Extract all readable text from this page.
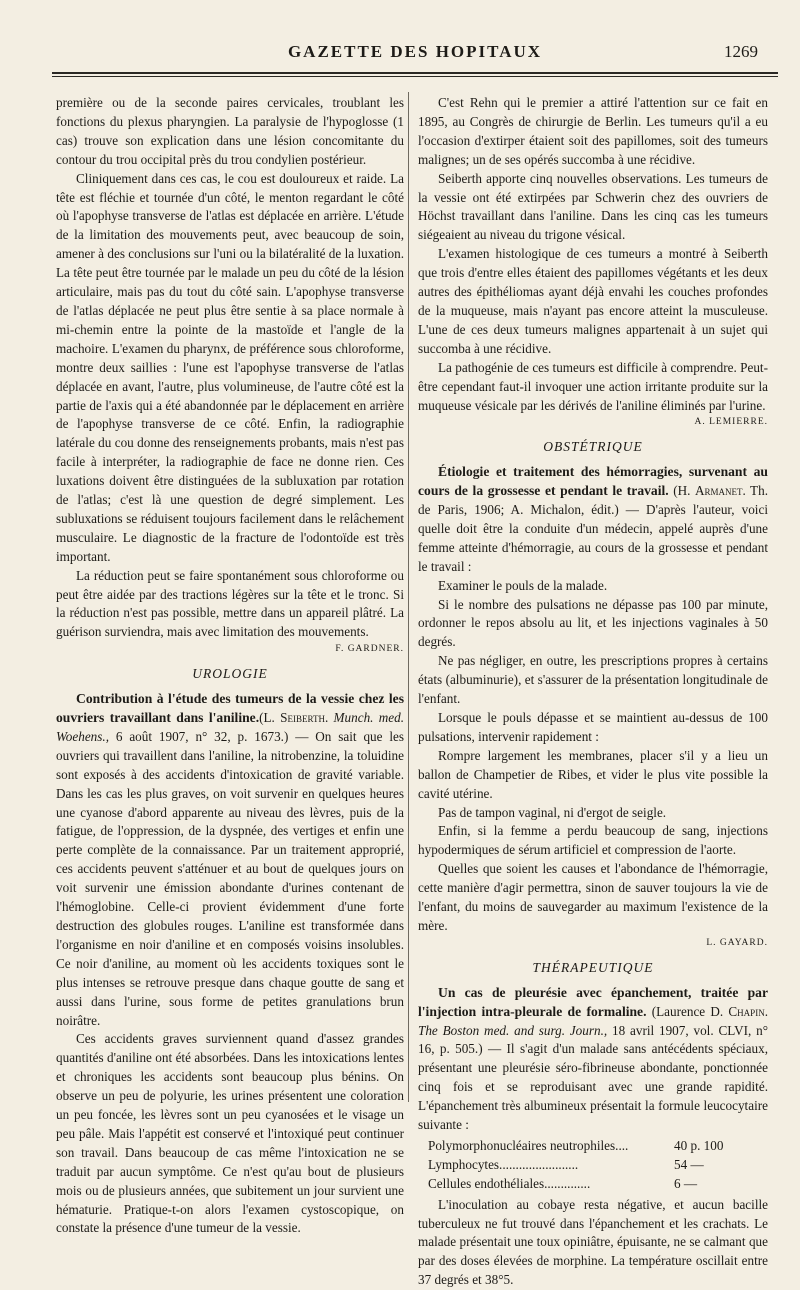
GAZETTE DES HOPITAUX	1269

première ou de la seconde paires cervicales, troublant les fonctions du plexus pharyngien. La paralysie de l'hypoglosse (1 cas) trouve son explication dans une lésion concomitante du contour du trou occipital près du trou condylien postérieur.

Cliniquement dans ces cas, le cou est douloureux et raide. La tête est fléchie et tournée d'un côté, le menton regardant le côté où l'apophyse transverse de l'atlas est déplacée en arrière. L'étude de la limitation des mouvements peut, avec beaucoup de soin, amener à des conclusions sur l'uni ou la bilatéralité de la luxation. La tête peut être tournée par le malade un peu du côté de la lésion articulaire, mais pas du tout du côté sain. L'apophyse transverse de l'atlas déplacée ne peut plus être sentie à sa place normale à mi-chemin entre la pointe de la mastoïde et l'angle de la machoire. L'examen du pharynx, de préférence sous chloroforme, montre deux saillies : l'une est l'apophyse transverse de l'atlas déplacée en avant, l'autre, plus volumineuse, de l'autre côté est la partie de l'axis qui a été abandonnée par le déplacement en arrière de l'apophyse transverse de ce côté. Enfin, la radiographie latérale du cou donne des renseignements probants, mais n'est pas facile à interpréter, la radiographie de face ne donne rien. Ces luxations doivent être distinguées de la subluxation par rotation de l'atlas; c'est là une question de degré simplement. Les subluxations se réduisent toujours facilement dans le relâchement musculaire. Le diagnostic de la fracture de l'odontoïde est très important.

La réduction peut se faire spontanément sous chloroforme ou peut être aidée par des tractions légères sur la tête et le tronc. Si la réduction n'est pas possible, mettre dans un appareil plâtré. La guérison surviendra, mais avec limitation des mouvements.

F. GARDNER.
UROLOGIE

Contribution à l'étude des tumeurs de la vessie chez les ouvriers travaillant dans l'aniline.(L. Seiberth. Munch. med. Woehens., 6 août 1907, n° 32, p. 1673.) — On sait que les ouvriers qui travaillent dans l'aniline, la nitrobenzine, la toluidine sont exposés à des accidents d'intoxication de gravité variable. Dans les cas les plus graves, on voit survenir en quelques heures une cyanose d'abord apparente au niveau des lèvres, puis de la fatigue, de l'oppression, de la dyspnée, des vertiges et enfin une perte complète de la connaissance. Par un traitement approprié, ces accidents peuvent s'atténuer et au bout de quelques jours on voit survenir une émission abondante d'urines contenant de l'hémoglobine. Celle-ci provient évidemment d'une forte destruction des globules rouges. L'aniline est transformée dans l'organisme en noir d'aniline et en composés voisins insolubles. Ce noir d'aniline, au moment où les accidents toxiques sont le plus intenses se retrouve presque dans chaque goutte de sang et aussi dans l'urine, sous forme de petites granulations brun noirâtre.

Ces accidents graves surviennent quand d'assez grandes quantités d'aniline ont été absorbées. Dans les intoxications lentes et chroniques les accidents sont beaucoup plus bénins. On observe un peu de polyurie, les urines présentent une coloration un peu foncée, les lèvres sont un peu cyanosées et le visage un peu pâle. Mais l'appétit est conservé et l'intoxiqué peut continuer son travail. Dans beaucoup de cas même l'intoxication ne se traduit par aucun symptôme. Ce n'est qu'au bout de plusieurs mois ou de plusieurs années, que subitement un jour survient une hématurie. Pratique-t-on alors l'examen cystoscopique, on constate la présence d'une tumeur de la vessie.

C'est Rehn qui le premier a attiré l'attention sur ce fait en 1895, au Congrès de chirurgie de Berlin. Les tumeurs qu'il a eu l'occasion d'extirper étaient soit des papillomes, soit des tumeurs malignes; un de ses opérés succomba à une récidive.

Seiberth apporte cinq nouvelles observations. Les tumeurs de la vessie ont été extirpées par Schwerin chez des ouvriers de Höchst travaillant dans l'aniline. Dans les cinq cas les tumeurs siégeaient au niveau du trigone vésical.

L'examen histologique de ces tumeurs a montré à Seiberth que trois d'entre elles étaient des papillomes végétants et les deux autres des épithéliomas ayant déjà envahi les couches profondes de la muqueuse, mais n'ayant pas encore atteint la musculeuse. L'une de ces deux tumeurs malignes appartenait à un sujet qui succomba à une récidive.

La pathogénie de ces tumeurs est difficile à comprendre. Peut-être cependant faut-il invoquer une action irritante produite sur la muqueuse vésicale par les dérivés de l'aniline éliminés par l'urine.

A. LEMIERRE.
OBSTÉTRIQUE

Étiologie et traitement des hémorragies, survenant au cours de la grossesse et pendant le travail. (H. Armanet. Th. de Paris, 1906; A. Michalon, édit.) — D'après l'auteur, voici quelle doit être la conduite d'un médecin, appelé auprès d'une femme atteinte d'hémorragie, au cours de la grossesse et pendant le travail :

Examiner le pouls de la malade.

Si le nombre des pulsations ne dépasse pas 100 par minute, ordonner le repos absolu au lit, et les injections vaginales à 50 degrés.

Ne pas négliger, en outre, les prescriptions propres à certains états (albuminurie), et s'assurer de la présentation longitudinale de l'enfant.

Lorsque le pouls dépasse et se maintient au-dessus de 100 pulsations, intervenir rapidement :

Rompre largement les membranes, placer s'il y a lieu un ballon de Champetier de Ribes, et vider le plus vite possible la cavité utérine.

Pas de tampon vaginal, ni d'ergot de seigle.

Enfin, si la femme a perdu beaucoup de sang, injections hypodermiques de sérum artificiel et compression de l'aorte.

Quelles que soient les causes et l'abondance de l'hémorragie, cette manière d'agir permettra, sinon de sauver toujours la vie de l'enfant, du moins de sauvegarder au maximum l'existence de la mère.

L. GAYARD.
THÉRAPEUTIQUE

Un cas de pleurésie avec épanchement, traitée par l'injection intra-pleurale de formaline. (Laurence D. Chapin. The Boston med. and surg. Journ., 18 avril 1907, vol. CLVI, n° 16, p. 505.) — Il s'agit d'un malade sans antécédents spéciaux, présentant une pleurésie séro-fibrineuse abondante, ponctionnée cinq fois et se reproduisant avec une grande rapidité. L'épanchement très albumineux présentait la formule leucocytaire suivante :

Polymorphonucléaires neutrophiles....	40 p. 100
Lymphocytes........................	54 —
Cellules endothéliales..............	6 —

L'inoculation au cobaye resta négative, et aucun bacille tuberculeux ne fut trouvé dans l'épanchement et les crachats. Le malade présentait une toux opiniâtre, épuisante, ne se calmant que par des doses élevées de morphine. La température oscillait entre 37 degrés et 38°5.
